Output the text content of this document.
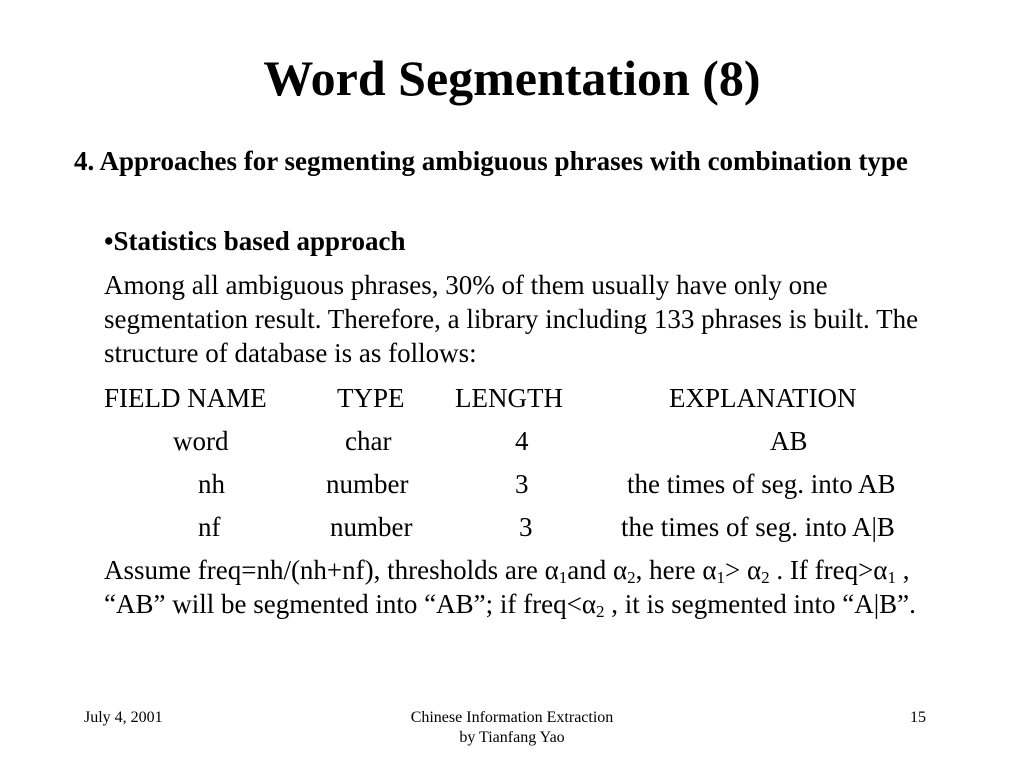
Word Segmentation (8)
4. Approaches for segmenting ambiguous phrases with combination type
•Statistics based approach
Among all ambiguous phrases, 30% of them usually have only one segmentation result. Therefore, a library including 133 phrases is built. The structure of database is as follows:
FIELD NAME	TYPE LENGTH	EXPLANATION
word	char	4	AB
nh	number	3	the times of seg. into AB
nf	number	3	the times of seg. into A|B
Assume freq=nh/(nh+nf), thresholds are $\alpha_1and$ $\alpha_2$, here $\alpha_1> \alpha_2$ . If $freq>\alpha_1$ , “AB” will be segmented into “AB”; if $freq<\alpha_2$ , it is segmented into “A|B”.
July 4, 2001	Chinese Information Extraction
by Tianfang Yao
15
